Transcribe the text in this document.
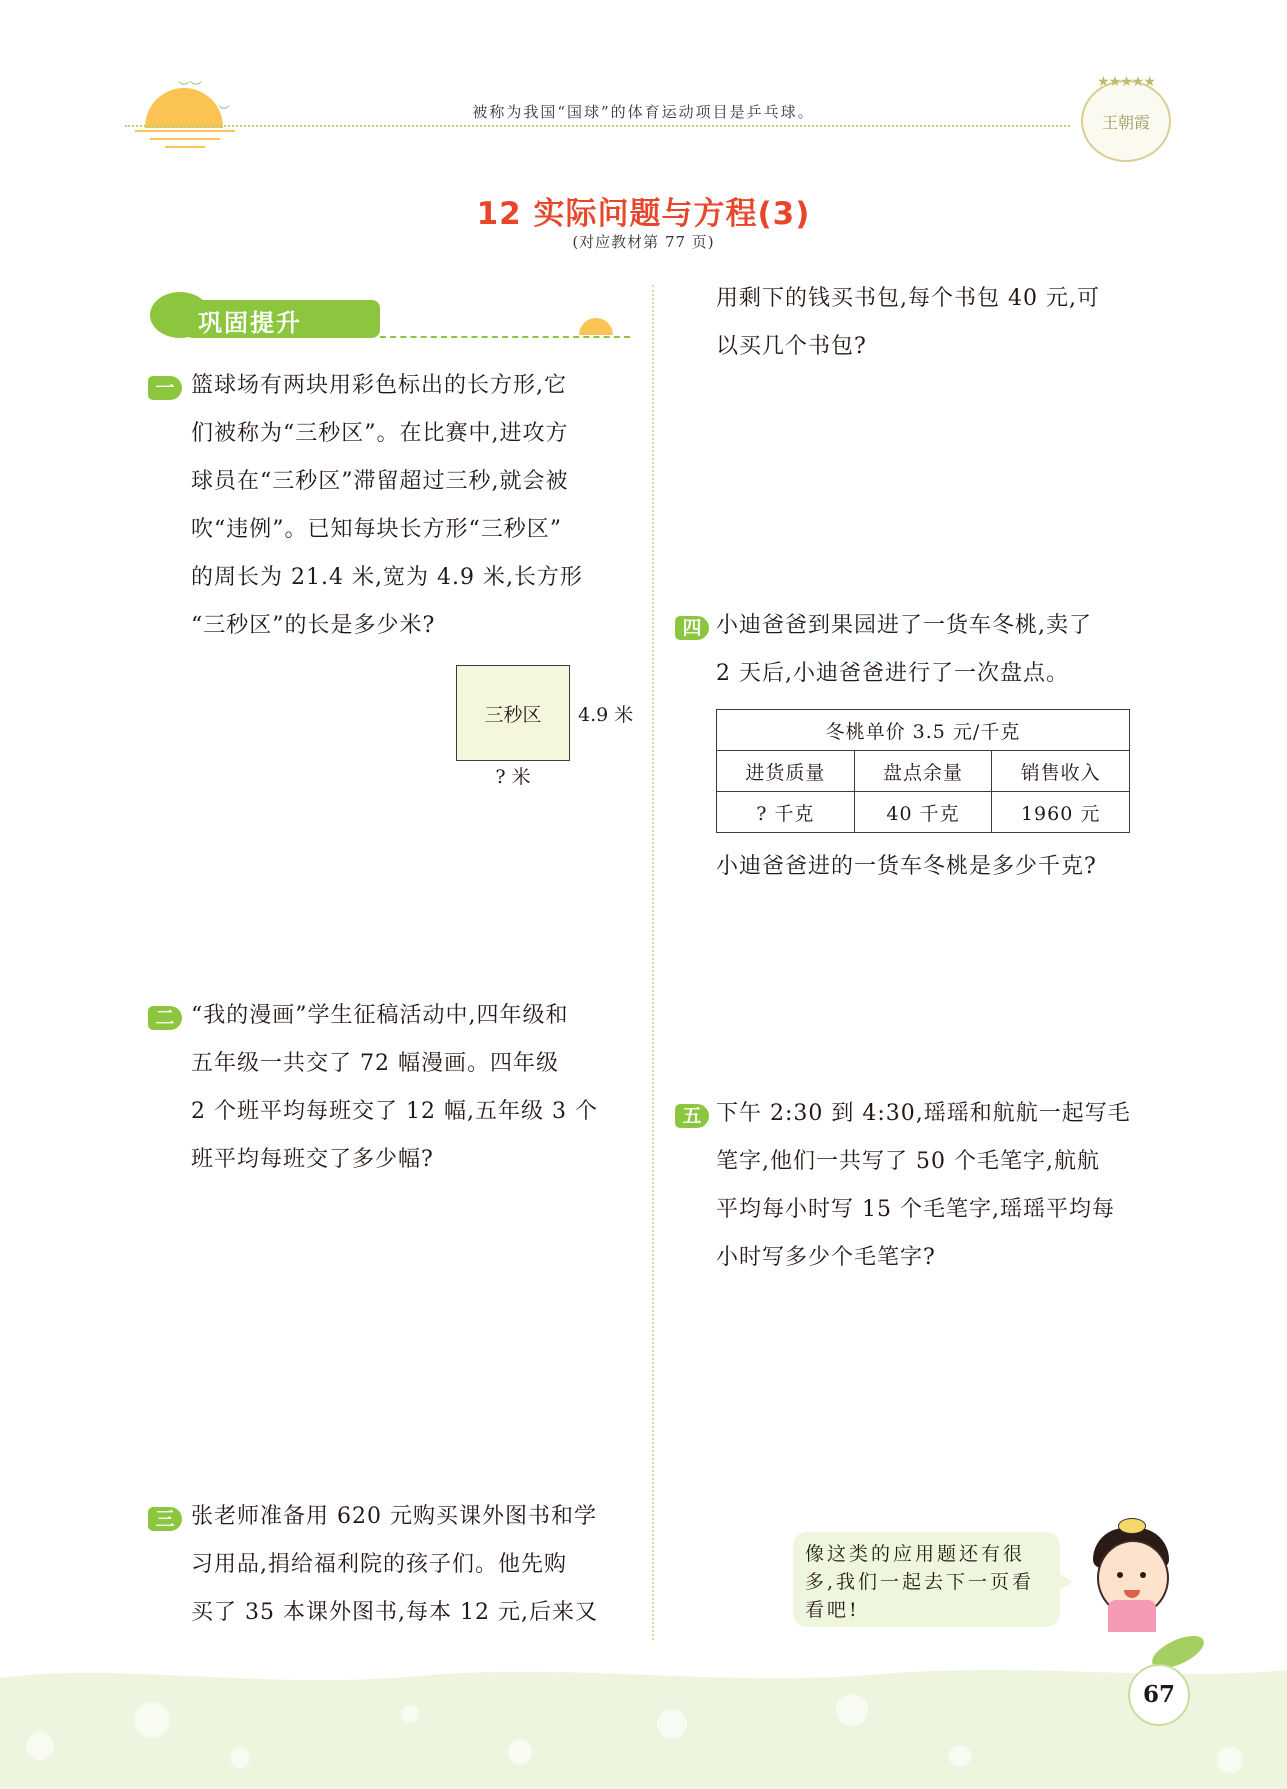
︶︶
︶	被称为我国“国球”的体育运动项目是乒乓球。
★★★★★
王朝霞
12 实际问题与方程(3)
(对应教材第 77 页)
巩固提升
一 篮球场有两块用彩色标出的长方形,它
们被称为“三秒区”。在比赛中,进攻方
球员在“三秒区”滞留超过三秒,就会被
吹“违例”。已知每块长方形“三秒区”
的周长为 21.4 米,宽为 4.9 米,长方形
“三秒区”的长是多少米?
三秒区	4.9 米
? 米
二 “我的漫画”学生征稿活动中,四年级和
五年级一共交了 72 幅漫画。四年级
2 个班平均每班交了 12 幅,五年级 3 个
班平均每班交了多少幅?
三 张老师准备用 620 元购买课外图书和学
习用品,捐给福利院的孩子们。他先购
买了 35 本课外图书,每本 12 元,后来又
用剩下的钱买书包,每个书包 40 元,可
以买几个书包?
四 小迪爸爸到果园进了一货车冬桃,卖了
2 天后,小迪爸爸进行了一次盘点。
冬桃单价 3.5 元/千克		
进货质量	盘点余量	销售收入
? 千克	40 千克	1960 元
小迪爸爸进的一货车冬桃是多少千克?
五 下午 2:30 到 4:30,瑶瑶和航航一起写毛
笔字,他们一共写了 50 个毛笔字,航航
平均每小时写 15 个毛笔字,瑶瑶平均每
小时写多少个毛笔字?
像这类的应用题还有很多,我们一起去下一页看看吧!
67
